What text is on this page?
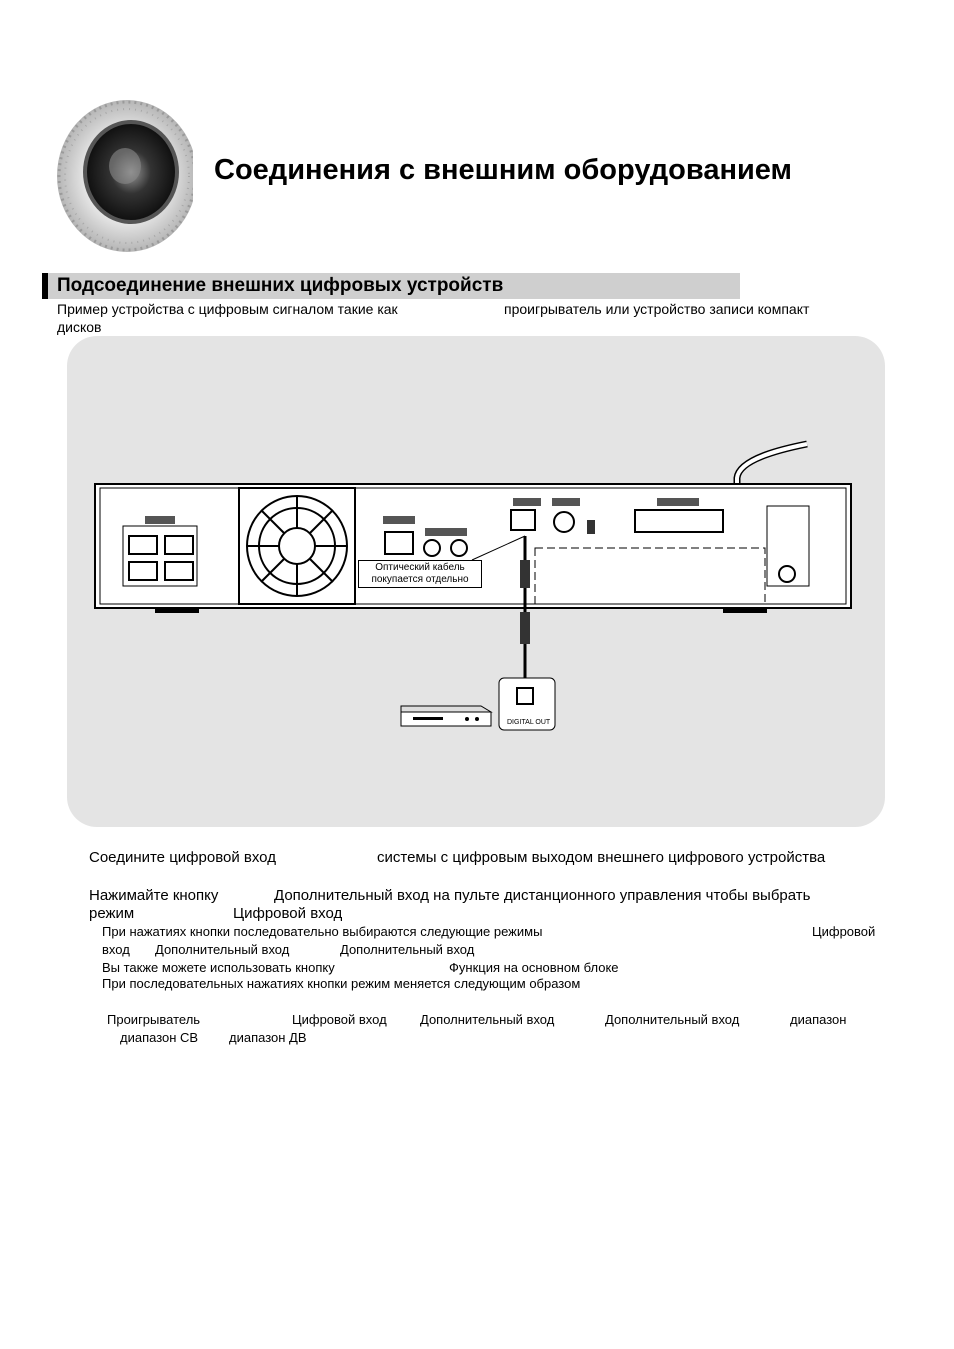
Соединения с внешним оборудованием
Подсоединение внешних цифровых устройств
Пример устройства с цифровым сигналом такие как	проигрыватель или устройство записи компакт
дисков
DIGITAL OUT
Оптический кабель
покупается отдельно
Соедините цифровой вход	системы с цифровым выходом внешнего цифрового устройства
Нажимайте кнопку	Дополнительный вход на пульте дистанционного управления чтобы выбрать
режим	Цифровой вход
При нажатиях кнопки последовательно выбираются следующие режимы	Цифровой
вход Дополнительный вход	Дополнительный вход
Вы также можете использовать кнопку	Функция на основном блоке
При последовательных нажатиях кнопки режим меняется следующим образом
Проигрыватель	Цифровой вход	Дополнительный вход	Дополнительный вход	диапазон
диапазон СВ диапазон ДВ
